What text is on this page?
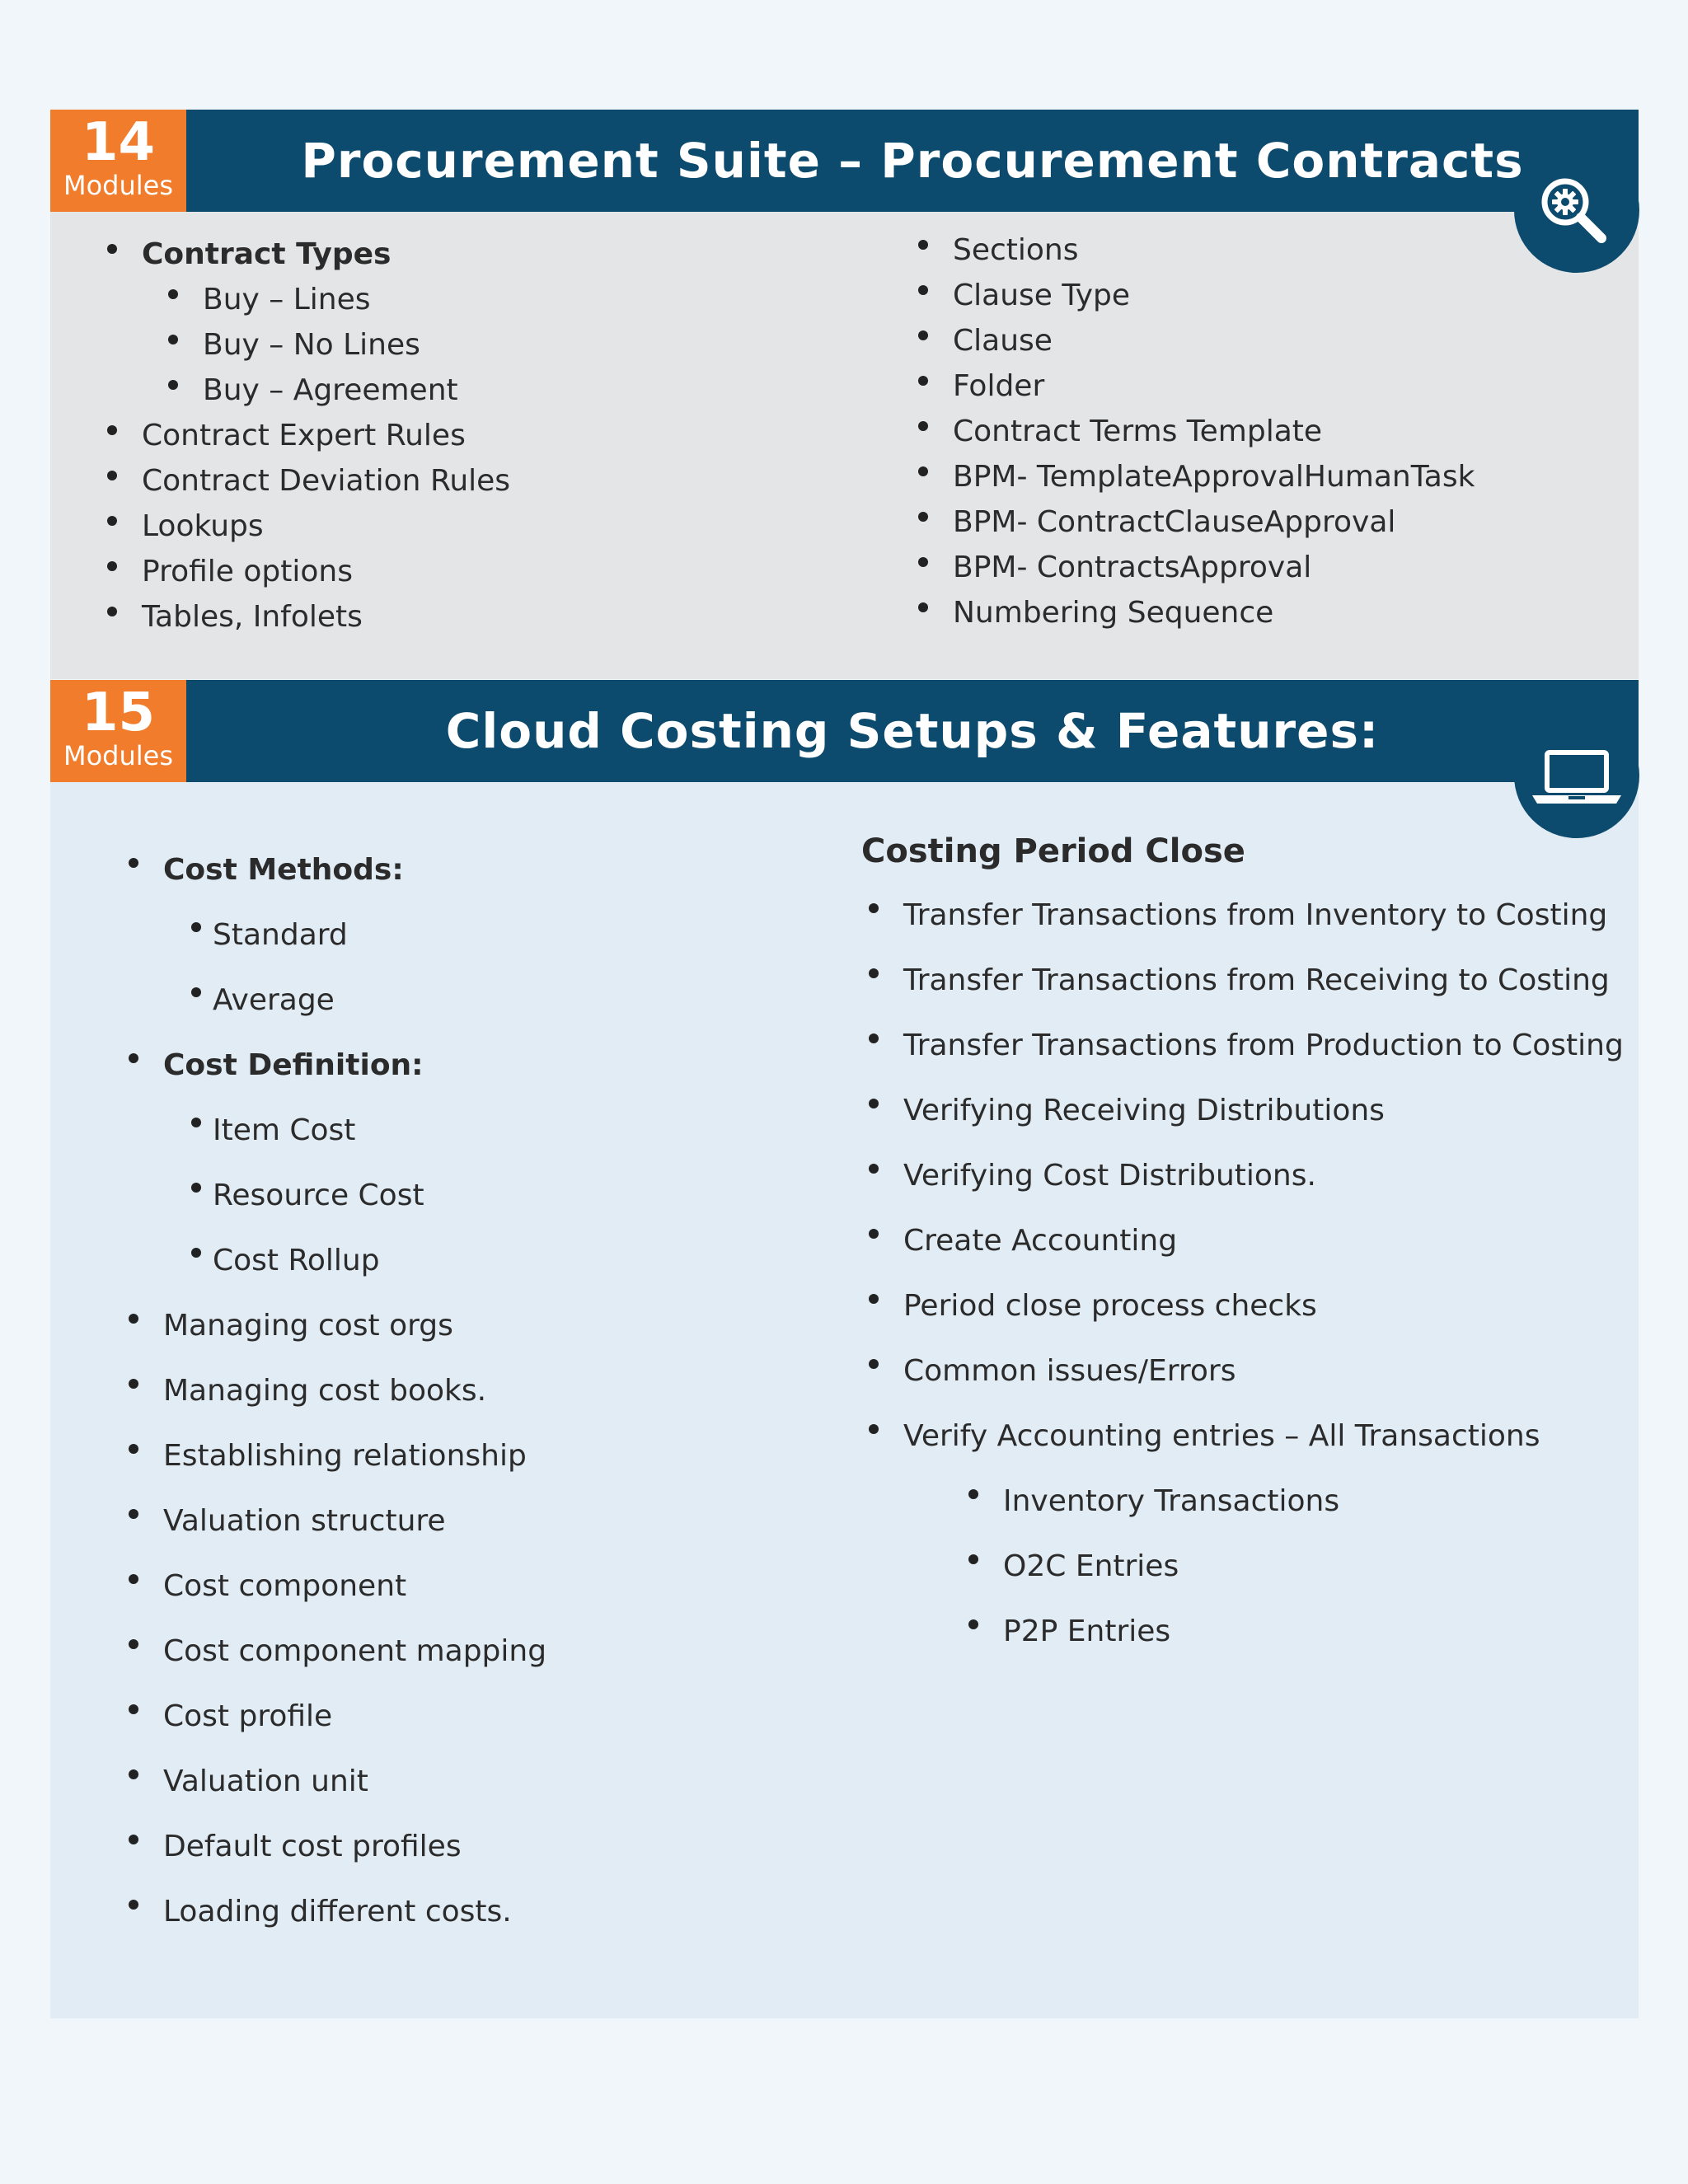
14
Modules	Procurement Suite – Procurement Contracts
Contract Types
Buy – Lines
Buy – No Lines
Buy – Agreement
Contract Expert Rules
Contract Deviation Rules
Lookups
Profile options
Tables, Infolets
Sections
Clause Type
Clause
Folder
Contract Terms Template
BPM- TemplateApprovalHumanTask
BPM- ContractClauseApproval
BPM- ContractsApproval
Numbering Sequence
15
Modules	Cloud Costing Setups & Features:
Cost Methods:
Standard
Average
Cost Definition:
Item Cost
Resource Cost
Cost Rollup
Managing cost orgs
Managing cost books.
Establishing relationship
Valuation structure
Cost component
Cost component mapping
Cost profile
Valuation unit
Default cost profiles
Loading different costs.
Costing Period Close
Transfer Transactions from Inventory to Costing
Transfer Transactions from Receiving to Costing
Transfer Transactions from Production to Costing
Verifying Receiving Distributions
Verifying Cost Distributions.
Create Accounting
Period close process checks
Common issues/Errors
Verify Accounting entries – All Transactions
Inventory Transactions
O2C Entries
P2P Entries
